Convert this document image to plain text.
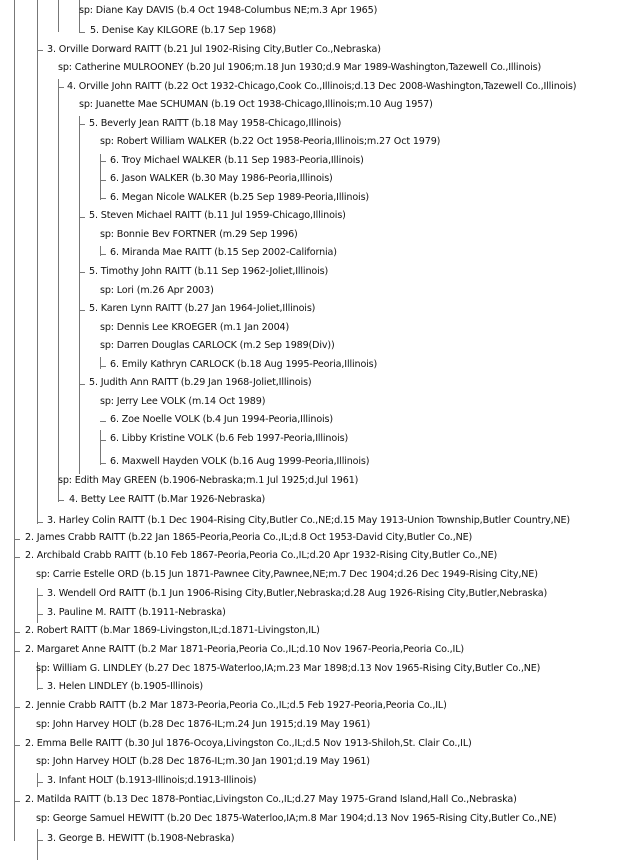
sp: Diane Kay DAVIS (b.4 Oct 1948-Columbus NE;m.3 Apr 1965)
5. Denise Kay KILGORE (b.17 Sep 1968)
3. Orville Dorward RAITT (b.21 Jul 1902-Rising City,Butler Co.,Nebraska)
sp: Catherine MULROONEY (b.20 Jul 1906;m.18 Jun 1930;d.9 Mar 1989-Washington,Tazewell Co.,Illinois)
4. Orville John RAITT (b.22 Oct 1932-Chicago,Cook Co.,Illinois;d.13 Dec 2008-Washington,Tazewell Co.,Illinois)
sp: Juanette Mae SCHUMAN (b.19 Oct 1938-Chicago,Illinois;m.10 Aug 1957)
5. Beverly Jean RAITT (b.18 May 1958-Chicago,Illinois)
sp: Robert William WALKER (b.22 Oct 1958-Peoria,Illinois;m.27 Oct 1979)
6. Troy Michael WALKER (b.11 Sep 1983-Peoria,Illinois)
6. Jason WALKER (b.30 May 1986-Peoria,Illinois)
6. Megan Nicole WALKER (b.25 Sep 1989-Peoria,Illinois)
5. Steven Michael RAITT (b.11 Jul 1959-Chicago,Illinois)
sp: Bonnie Bev FORTNER (m.29 Sep 1996)
6. Miranda Mae RAITT (b.15 Sep 2002-California)
5. Timothy John RAITT (b.11 Sep 1962-Joliet,Illinois)
sp: Lori (m.26 Apr 2003)
5. Karen Lynn RAITT (b.27 Jan 1964-Joliet,Illinois)
sp: Dennis Lee KROEGER (m.1 Jan 2004)
sp: Darren Douglas CARLOCK (m.2 Sep 1989(Div))
6. Emily Kathryn CARLOCK (b.18 Aug 1995-Peoria,Illinois)
5. Judith Ann RAITT (b.29 Jan 1968-Joliet,Illinois)
sp: Jerry Lee VOLK (m.14 Oct 1989)
6. Zoe Noelle VOLK (b.4 Jun 1994-Peoria,Illinois)
6. Libby Kristine VOLK (b.6 Feb 1997-Peoria,Illinois)
6. Maxwell Hayden VOLK (b.16 Aug 1999-Peoria,Illinois)
sp: Edith May GREEN (b.1906-Nebraska;m.1 Jul 1925;d.Jul 1961)
4. Betty Lee RAITT (b.Mar 1926-Nebraska)
3. Harley Colin RAITT (b.1 Dec 1904-Rising City,Butler Co.,NE;d.15 May 1913-Union Township,Butler Country,NE)
2. James Crabb RAITT (b.22 Jan 1865-Peoria,Peoria Co.,IL;d.8 Oct 1953-David City,Butler Co.,NE)
2. Archibald Crabb RAITT (b.10 Feb 1867-Peoria,Peoria Co.,IL;d.20 Apr 1932-Rising City,Butler Co.,NE)
sp: Carrie Estelle ORD (b.15 Jun 1871-Pawnee City,Pawnee,NE;m.7 Dec 1904;d.26 Dec 1949-Rising City,NE)
3. Wendell Ord RAITT (b.1 Jun 1906-Rising City,Butler,Nebraska;d.28 Aug 1926-Rising City,Butler,Nebraska)
3. Pauline M. RAITT (b.1911-Nebraska)
2. Robert RAITT (b.Mar 1869-Livingston,IL;d.1871-Livingston,IL)
2. Margaret Anne RAITT (b.2 Mar 1871-Peoria,Peoria Co.,IL;d.10 Nov 1967-Peoria,Peoria Co.,IL)
sp: William G. LINDLEY (b.27 Dec 1875-Waterloo,IA;m.23 Mar 1898;d.13 Nov 1965-Rising City,Butler Co.,NE)
3. Helen LINDLEY (b.1905-Illinois)
2. Jennie Crabb RAITT (b.2 Mar 1873-Peoria,Peoria Co.,IL;d.5 Feb 1927-Peoria,Peoria Co.,IL)
sp: John Harvey HOLT (b.28 Dec 1876-IL;m.24 Jun 1915;d.19 May 1961)
2. Emma Belle RAITT (b.30 Jul 1876-Ocoya,Livingston Co.,IL;d.5 Nov 1913-Shiloh,St. Clair Co.,IL)
sp: John Harvey HOLT (b.28 Dec 1876-IL;m.30 Jan 1901;d.19 May 1961)
3. Infant HOLT (b.1913-Illinois;d.1913-Illinois)
2. Matilda RAITT (b.13 Dec 1878-Pontiac,Livingston Co.,IL;d.27 May 1975-Grand Island,Hall Co.,Nebraska)
sp: George Samuel HEWITT (b.20 Dec 1875-Waterloo,IA;m.8 Mar 1904;d.13 Nov 1965-Rising City,Butler Co.,NE)
3. George B. HEWITT (b.1908-Nebraska)
